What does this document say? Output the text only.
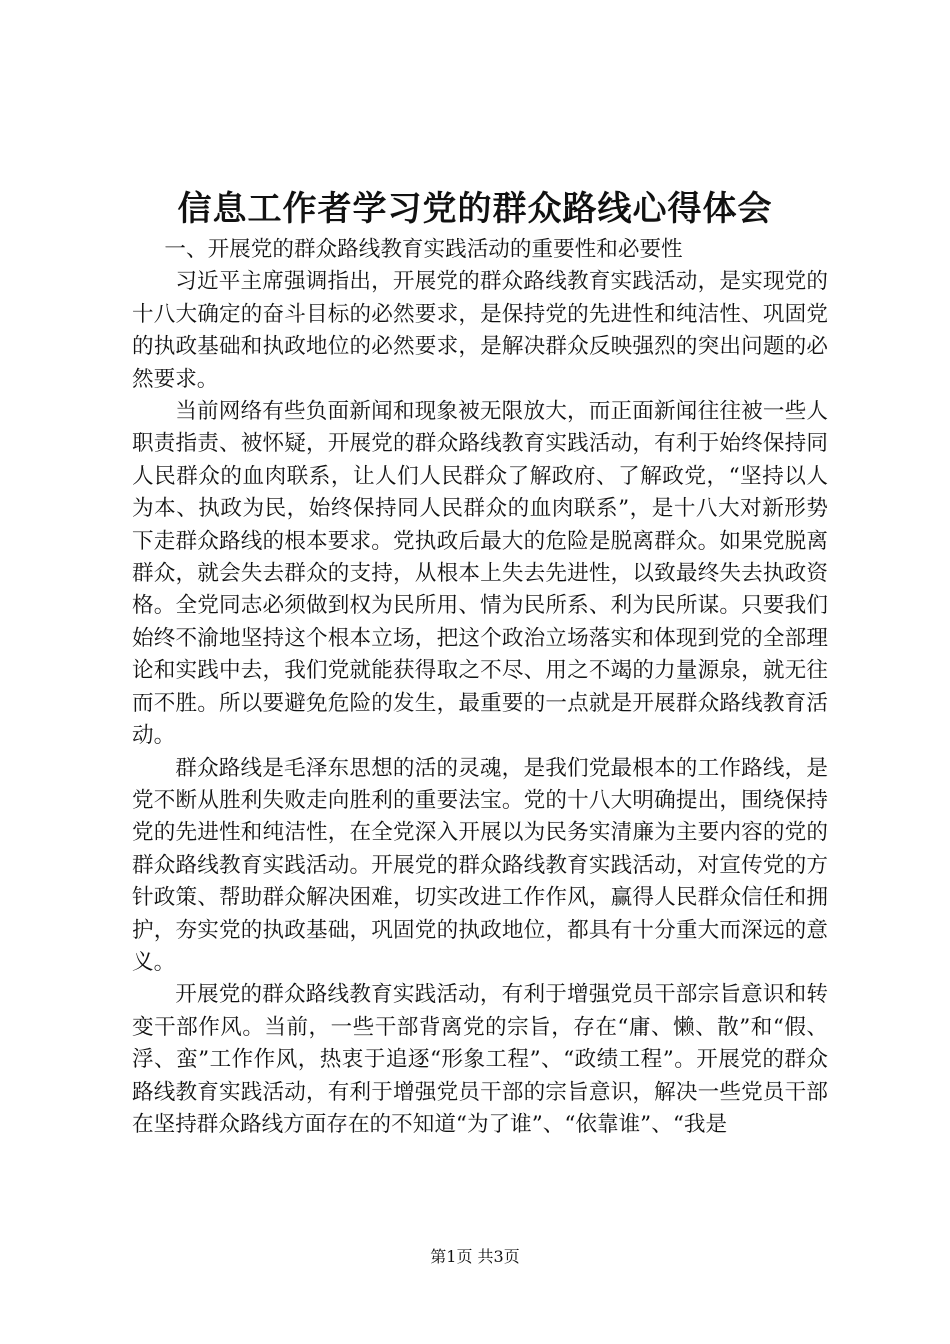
信息工作者学习党的群众路线心得体会

一、开展党的群众路线教育实践活动的重要性和必要性

习近平主席强调指出，开展党的群众路线教育实践活动，是实现党的十八大确定的奋斗目标的必然要求，是保持党的先进性和纯洁性、巩固党的执政基础和执政地位的必然要求，是解决群众反映强烈的突出问题的必然要求。

当前网络有些负面新闻和现象被无限放大，而正面新闻往往被一些人职责指责、被怀疑，开展党的群众路线教育实践活动，有利于始终保持同人民群众的血肉联系，让人们人民群众了解政府、了解政党，“坚持以人为本、执政为民，始终保持同人民群众的血肉联系”，是十八大对新形势下走群众路线的根本要求。党执政后最大的危险是脱离群众。如果党脱离群众，就会失去群众的支持，从根本上失去先进性，以致最终失去执政资格。全党同志必须做到权为民所用、情为民所系、利为民所谋。只要我们始终不渝地坚持这个根本立场，把这个政治立场落实和体现到党的全部理论和实践中去，我们党就能获得取之不尽、用之不竭的力量源泉，就无往而不胜。所以要避免危险的发生，最重要的一点就是开展群众路线教育活动。

群众路线是毛泽东思想的活的灵魂，是我们党最根本的工作路线，是党不断从胜利失败走向胜利的重要法宝。党的十八大明确提出，围绕保持党的先进性和纯洁性，在全党深入开展以为民务实清廉为主要内容的党的群众路线教育实践活动。开展党的群众路线教育实践活动，对宣传党的方针政策、帮助群众解决困难，切实改进工作作风，赢得人民群众信任和拥护，夯实党的执政基础，巩固党的执政地位，都具有十分重大而深远的意义。

开展党的群众路线教育实践活动，有利于增强党员干部宗旨意识和转变干部作风。当前，一些干部背离党的宗旨，存在“庸、懒、散”和“假、浮、蛮”工作作风，热衷于追逐“形象工程”、“政绩工程”。开展党的群众路线教育实践活动，有利于增强党员干部的宗旨意识，解决一些党员干部在坚持群众路线方面存在的不知道“为了谁”、“依靠谁”、“我是

第1页 共3页
